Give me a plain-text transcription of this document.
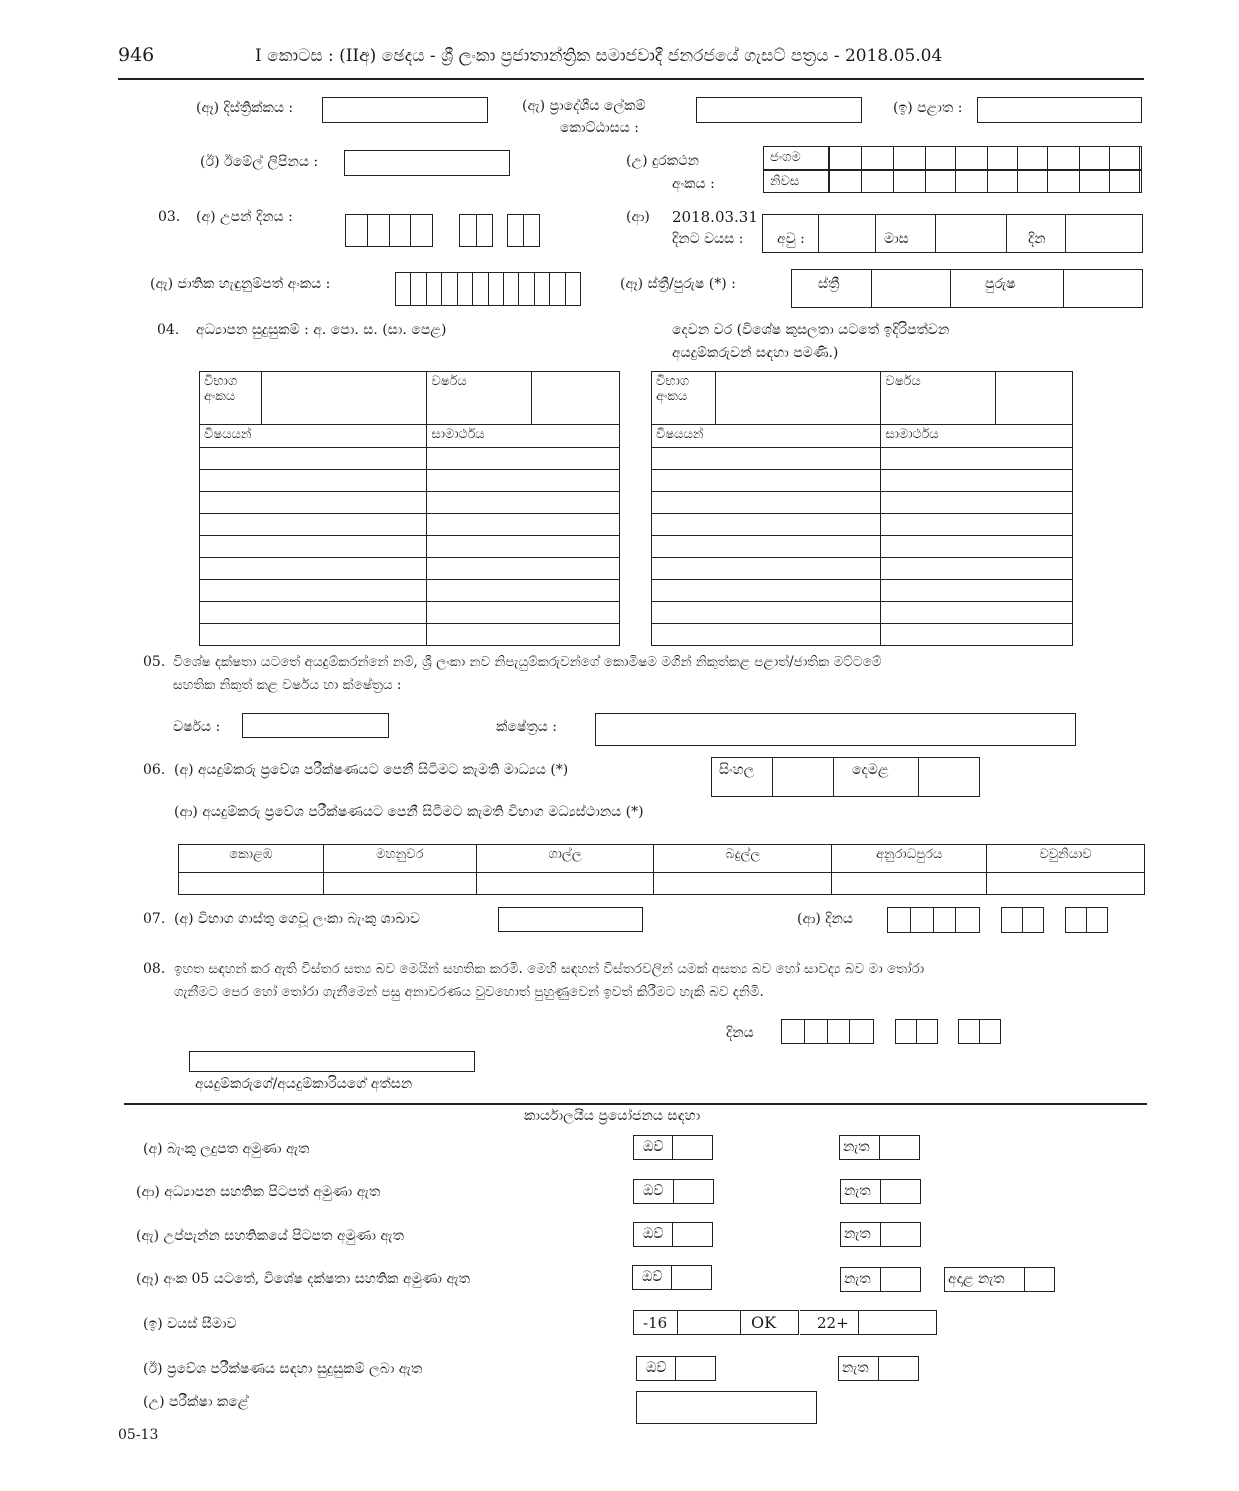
946	I කොටස : (IIඅ) ඡෙදය - ශ්‍රී ලංකා ප්‍රජාතාන්ත්‍රික සමාජවාදී ජනරජයේ ගැසට් පත්‍රය - 2018.05.04
(ඈ) දිස්ත්‍රික්කය :	(ඇ) ප්‍රාදේශීය ලේකම්
කොට්ඨාසය :
(ඉ) පළාත :
(ඊ) ඊමේල් ලිපිනය :	(උ) දුරකථන
අංකය :
ජංගම
නිවස
03. (අ) උපන් දිනය :	(ආ) 2018.03.31
දිනට වයස : අවු :	මාස	දින
(ඇ) ජාතික හැඳුනුම්පත් අංකය :	(ඈ) ස්ත්‍රී/පුරුෂ (*) :	ස්ත්‍රී	පුරුෂ
04. අධ්‍යාපන සුදුසුකම් : අ. පො. ස. (සා. පෙළ)	දෙවන වර (විශේෂ කුසලතා යටතේ ඉදිරිපත්වන
අයදුම්කරුවන් සඳහා පමණි.)
විභාග
අංකය		වර්ෂය	
විෂයයන්		සාමාර්ථය	

විභාග
අංකය		වර්ෂය	
විෂයයන්		සාමාර්ථය	

05. විශේෂ දක්ෂතා යටතේ අයදුම්කරන්නේ නම්, ශ්‍රී ලංකා නව නිපැයුම්කරුවන්ගේ කොමිෂම මගින් නිකුත්කළ පළාත්/ජාතික මට්ටමේ
සහතික නිකුත් කළ වර්ෂය හා ක්ෂේත්‍රය :
වර්ෂය :	ක්ෂේත්‍රය :
06. (අ) අයදුම්කරු ප්‍රවේශ පරීක්ෂණයට පෙනී සිටීමට කැමති මාධ්‍යය (*)	සිංහල	දෙමළ
(ආ) අයදුම්කරු ප්‍රවේශ පරීක්ෂණයට පෙනී සිටීමට කැමති විභාග මධ්‍යස්ථානය (*)
කොළඹ	මහනුවර	ගාල්ල	බදුල්ල	අනුරාධපුරය	වවුනියාව

07. (අ) විභාග ගාස්තු ගෙවූ ලංකා බැංකු ශාඛාව	(ආ) දිනය
08. ඉහත සඳහන් කර ඇති විස්තර සත්‍ය බව මෙයින් සහතික කරමි. මෙහි සඳහන් විස්තරවලින් යමක් අසත්‍ය බව හෝ සාවද්‍ය බව මා තෝරා
ගැනීමට පෙර හෝ තෝරා ගැනීමෙන් පසු අනාවරණය වුවහොත් පුහුණුවෙන් ඉවත් කිරීමට හැකි බව දනිමි.
දිනය
අයදුම්කරුගේ/අයදුම්කාරියගේ අත්සන
කාර්යාලයීය ප්‍රයෝජනය සඳහා
(අ) බැංකු ලදුපත අමුණා ඇත	ඔව්	නැත
(ආ) අධ්‍යාපන සහතික පිටපත් අමුණා ඇත	ඔව්	නැත
(ඇ) උප්පැන්න සහතිකයේ පිටපත අමුණා ඇත	ඔව්	නැත
(ඈ) අංක 05 යටතේ, විශේෂ දක්ෂතා සහතික අමුණා ඇත	ඔව්	නැත	අදාළ නැත
(ඉ) වයස් සීමාව	-16	OK	22+
(ඊ) ප්‍රවේශ පරීක්ෂණය සඳහා සුදුසුකම් ලබා ඇත	ඔව්	නැත
(උ) පරීක්ෂා කළේ
05-13
